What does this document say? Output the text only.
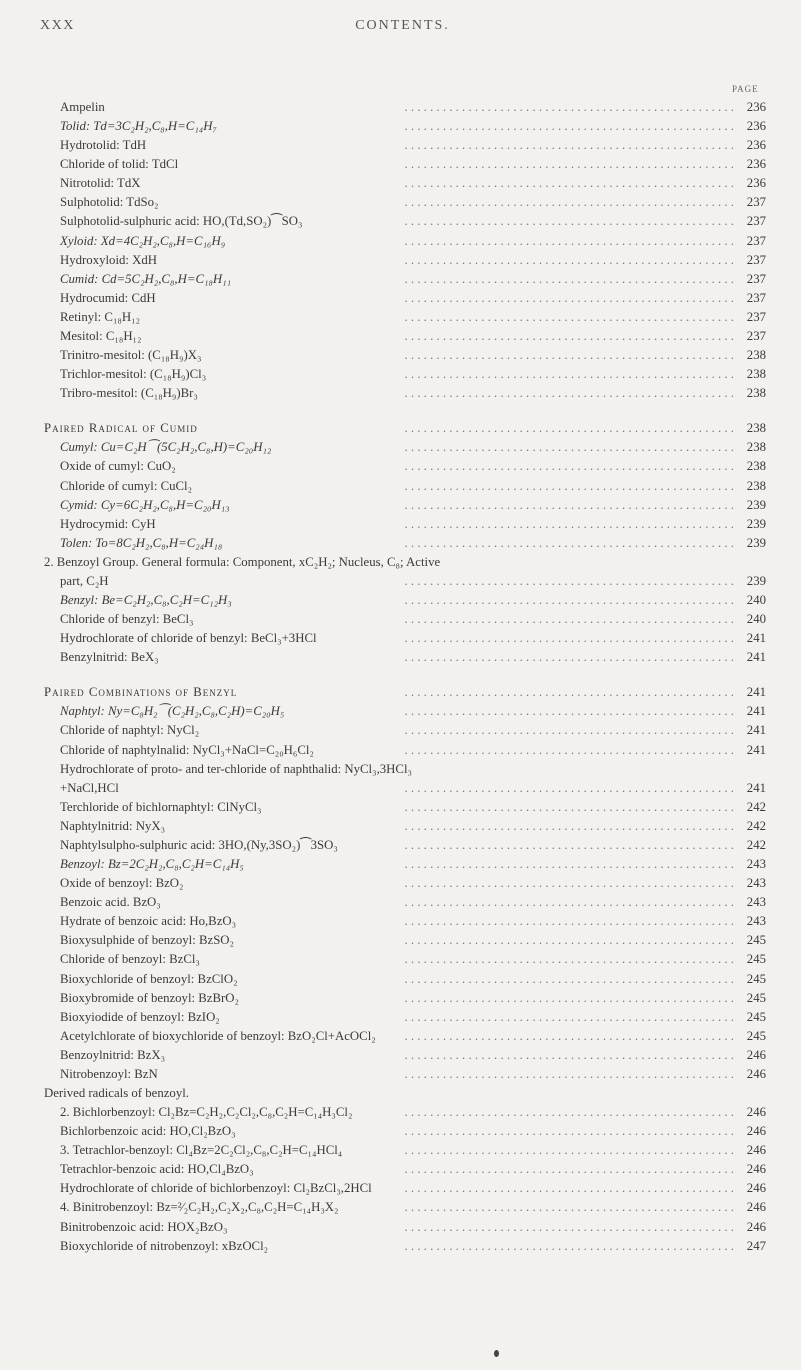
XXX	CONTENTS.
PAGE
Ampelin	. . . . . . . . . . . . . . . . . . . . . . . . . . . . . . . . . . . . . . . . . . . . . . . . . . . . 236
Tolid: Td=3C₂H₂,C₈,H=C₁₄H₇	. . . . . . . . . . . . . . . . . . . . . . . . . . . . . . . . . . . . . . . . . . . . . . . . . . . . 236
Hydrotolid: TdH	. . . . . . . . . . . . . . . . . . . . . . . . . . . . . . . . . . . . . . . . . . . . . . . . . . . . 236
Chloride of tolid: TdCl	. . . . . . . . . . . . . . . . . . . . . . . . . . . . . . . . . . . . . . . . . . . . . . . . . . . . 236
Nitrotolid: TdX	. . . . . . . . . . . . . . . . . . . . . . . . . . . . . . . . . . . . . . . . . . . . . . . . . . . . 236
Sulphotolid: TdSo₂	. . . . . . . . . . . . . . . . . . . . . . . . . . . . . . . . . . . . . . . . . . . . . . . . . . . . 237
Sulphotolid-sulphuric acid: HO,(Td,SO₂)⁀SO₃	. . . . . . . . . . . . . . . . . . . . . . . . . . . . . . . . . . . . . . . . . . . . . . . . . . . . 237
Xyloid: Xd=4C₂H₂,C₈,H=C₁₆H₉	. . . . . . . . . . . . . . . . . . . . . . . . . . . . . . . . . . . . . . . . . . . . . . . . . . . . 237
Hydroxyloid: XdH	. . . . . . . . . . . . . . . . . . . . . . . . . . . . . . . . . . . . . . . . . . . . . . . . . . . . 237
Cumid: Cd=5C₂H₂,C₈,H=C₁₈H₁₁	. . . . . . . . . . . . . . . . . . . . . . . . . . . . . . . . . . . . . . . . . . . . . . . . . . . . 237
Hydrocumid: CdH	. . . . . . . . . . . . . . . . . . . . . . . . . . . . . . . . . . . . . . . . . . . . . . . . . . . . 237
Retinyl: C₁₈H₁₂	. . . . . . . . . . . . . . . . . . . . . . . . . . . . . . . . . . . . . . . . . . . . . . . . . . . . 237
Mesitol: C₁₈H₁₂	. . . . . . . . . . . . . . . . . . . . . . . . . . . . . . . . . . . . . . . . . . . . . . . . . . . . 237
Trinitro-mesitol: (C₁₈H₉)X₃	. . . . . . . . . . . . . . . . . . . . . . . . . . . . . . . . . . . . . . . . . . . . . . . . . . . . 238
Trichlor-mesitol: (C₁₈H₉)Cl₃	. . . . . . . . . . . . . . . . . . . . . . . . . . . . . . . . . . . . . . . . . . . . . . . . . . . . 238
Tribro-mesitol: (C₁₈H₉)Br₃	. . . . . . . . . . . . . . . . . . . . . . . . . . . . . . . . . . . . . . . . . . . . . . . . . . . . 238
Paired Radical of Cumid	. . . . . . . . . . . . . . . . . . . . . . . . . . . . . . . . . . . . . . . . . . . . . . . . . . . . 238
Cumyl: Cu=C₂H⁀(5C₂H₂,C₈,H)=C₂₀H₁₂	. . . . . . . . . . . . . . . . . . . . . . . . . . . . . . . . . . . . . . . . . . . . . . . . . . . . 238
Oxide of cumyl: CuO₂	. . . . . . . . . . . . . . . . . . . . . . . . . . . . . . . . . . . . . . . . . . . . . . . . . . . . 238
Chloride of cumyl: CuCl₂	. . . . . . . . . . . . . . . . . . . . . . . . . . . . . . . . . . . . . . . . . . . . . . . . . . . . 238
Cymid: Cy=6C₂H₂,C₈,H=C₂₀H₁₃	. . . . . . . . . . . . . . . . . . . . . . . . . . . . . . . . . . . . . . . . . . . . . . . . . . . . 239
Hydrocymid: CyH	. . . . . . . . . . . . . . . . . . . . . . . . . . . . . . . . . . . . . . . . . . . . . . . . . . . . 239
Tolen: To=8C₂H₂,C₈,H=C₂₄H₁₈	. . . . . . . . . . . . . . . . . . . . . . . . . . . . . . . . . . . . . . . . . . . . . . . . . . . . 239
2. Benzoyl Group. General formula: Component, xC₂H₂; Nucleus, C₈; Active
part, C₂H	. . . . . . . . . . . . . . . . . . . . . . . . . . . . . . . . . . . . . . . . . . . . . . . . . . . . 239
Benzyl: Be=C₂H₂,C₈,C₂H=C₁₂H₃	. . . . . . . . . . . . . . . . . . . . . . . . . . . . . . . . . . . . . . . . . . . . . . . . . . . . 240
Chloride of benzyl: BeCl₃	. . . . . . . . . . . . . . . . . . . . . . . . . . . . . . . . . . . . . . . . . . . . . . . . . . . . 240
Hydrochlorate of chloride of benzyl: BeCl₃+3HCl	. . . . . . . . . . . . . . . . . . . . . . . . . . . . . . . . . . . . . . . . . . . . . . . . . . . . 241
Benzylnitrid: BeX₃	. . . . . . . . . . . . . . . . . . . . . . . . . . . . . . . . . . . . . . . . . . . . . . . . . . . . 241
Paired Combinations of Benzyl	. . . . . . . . . . . . . . . . . . . . . . . . . . . . . . . . . . . . . . . . . . . . . . . . . . . . 241
Naphtyl: Ny=C₈H₂⁀(C₂H₂,C₈,C₂H)=C₂₀H₅	. . . . . . . . . . . . . . . . . . . . . . . . . . . . . . . . . . . . . . . . . . . . . . . . . . . . 241
Chloride of naphtyl: NyCl₂	. . . . . . . . . . . . . . . . . . . . . . . . . . . . . . . . . . . . . . . . . . . . . . . . . . . . 241
Chloride of naphtylnalid: NyCl₃+NaCl=C₂₀H₆Cl₂	. . . . . . . . . . . . . . . . . . . . . . . . . . . . . . . . . . . . . . . . . . . . . . . . . . . . 241
Hydrochlorate of proto- and ter-chloride of naphthalid: NyCl₃,3HCl₃
+NaCl,HCl	. . . . . . . . . . . . . . . . . . . . . . . . . . . . . . . . . . . . . . . . . . . . . . . . . . . . 241
Terchloride of bichlornaphtyl: ClNyCl₃	. . . . . . . . . . . . . . . . . . . . . . . . . . . . . . . . . . . . . . . . . . . . . . . . . . . . 242
Naphtylnitrid: NyX₃	. . . . . . . . . . . . . . . . . . . . . . . . . . . . . . . . . . . . . . . . . . . . . . . . . . . . 242
Naphtylsulpho-sulphuric acid: 3HO,(Ny,3SO₂)⁀3SO₃	. . . . . . . . . . . . . . . . . . . . . . . . . . . . . . . . . . . . . . . . . . . . . . . . . . . . 242
Benzoyl: Bz=2C₂H₂,C₈,C₂H=C₁₄H₅	. . . . . . . . . . . . . . . . . . . . . . . . . . . . . . . . . . . . . . . . . . . . . . . . . . . . 243
Oxide of benzoyl: BzO₂	. . . . . . . . . . . . . . . . . . . . . . . . . . . . . . . . . . . . . . . . . . . . . . . . . . . . 243
Benzoic acid. BzO₃	. . . . . . . . . . . . . . . . . . . . . . . . . . . . . . . . . . . . . . . . . . . . . . . . . . . . 243
Hydrate of benzoic acid: Ho,BzO₃	. . . . . . . . . . . . . . . . . . . . . . . . . . . . . . . . . . . . . . . . . . . . . . . . . . . . 243
Bioxysulphide of benzoyl: BzSO₂	. . . . . . . . . . . . . . . . . . . . . . . . . . . . . . . . . . . . . . . . . . . . . . . . . . . . 245
Chloride of benzoyl: BzCl₃	. . . . . . . . . . . . . . . . . . . . . . . . . . . . . . . . . . . . . . . . . . . . . . . . . . . . 245
Bioxychloride of benzoyl: BzClO₂	. . . . . . . . . . . . . . . . . . . . . . . . . . . . . . . . . . . . . . . . . . . . . . . . . . . . 245
Bioxybromide of benzoyl: BzBrO₂	. . . . . . . . . . . . . . . . . . . . . . . . . . . . . . . . . . . . . . . . . . . . . . . . . . . . 245
Bioxyiodide of benzoyl: BzIO₂	. . . . . . . . . . . . . . . . . . . . . . . . . . . . . . . . . . . . . . . . . . . . . . . . . . . . 245
Acetylchlorate of bioxychloride of benzoyl: BzO₂Cl+AcOCl₂	. . . . . . . . . . . . . . . . . . . . . . . . . . . . . . . . . . . . . . . . . . . . . . . . . . . . 245
Benzoylnitrid: BzX₃	. . . . . . . . . . . . . . . . . . . . . . . . . . . . . . . . . . . . . . . . . . . . . . . . . . . . 246
Nitrobenzoyl: BzN	. . . . . . . . . . . . . . . . . . . . . . . . . . . . . . . . . . . . . . . . . . . . . . . . . . . . 246
Derived radicals of benzoyl.
2. Bichlorbenzoyl: Cl₂Bz=C₂H₂,C₂Cl₂,C₈,C₂H=C₁₄H₃Cl₂	. . . . . . . . . . . . . . . . . . . . . . . . . . . . . . . . . . . . . . . . . . . . . . . . . . . . 246
Bichlorbenzoic acid: HO,Cl₂BzO₃	. . . . . . . . . . . . . . . . . . . . . . . . . . . . . . . . . . . . . . . . . . . . . . . . . . . . 246
3. Tetrachlor-benzoyl: Cl₄Bz=2C₂Cl₂,C₈,C₂H=C₁₄HCl₄	. . . . . . . . . . . . . . . . . . . . . . . . . . . . . . . . . . . . . . . . . . . . . . . . . . . . 246
Tetrachlor-benzoic acid: HO,Cl₄BzO₃	. . . . . . . . . . . . . . . . . . . . . . . . . . . . . . . . . . . . . . . . . . . . . . . . . . . . 246
Hydrochlorate of chloride of bichlorbenzoyl: Cl₂BzCl₃,2HCl	. . . . . . . . . . . . . . . . . . . . . . . . . . . . . . . . . . . . . . . . . . . . . . . . . . . . 246
4. Binitrobenzoyl: Bz=²⁄₂C₂H₂,C₂X₂,C₈,C₂H=C₁₄H₃X₂	. . . . . . . . . . . . . . . . . . . . . . . . . . . . . . . . . . . . . . . . . . . . . . . . . . . . 246
Binitrobenzoic acid: HOX₂BzO₃	. . . . . . . . . . . . . . . . . . . . . . . . . . . . . . . . . . . . . . . . . . . . . . . . . . . . 246
Bioxychloride of nitrobenzoyl: xBzOCl₂	. . . . . . . . . . . . . . . . . . . . . . . . . . . . . . . . . . . . . . . . . . . . . . . . . . . . 247
